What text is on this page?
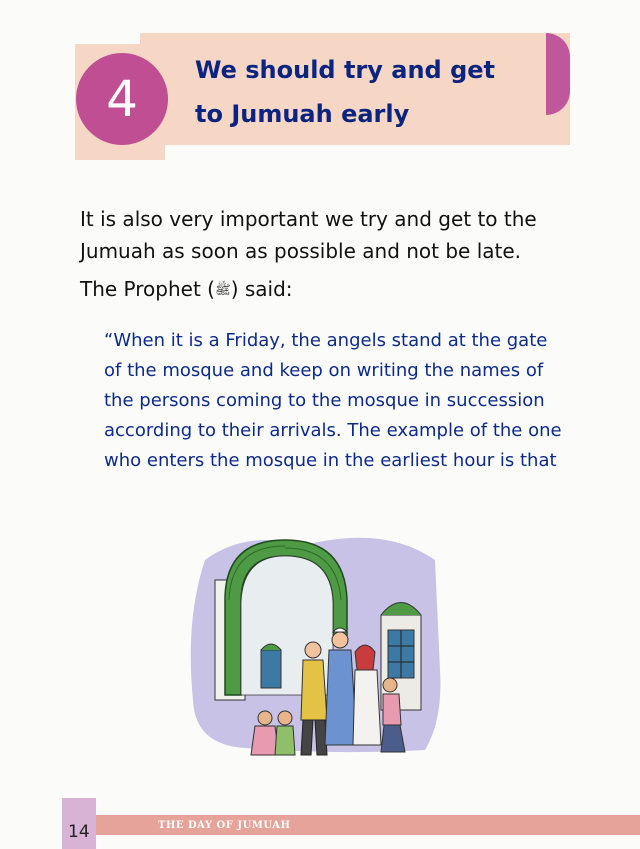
4	We should try and get
to Jumuah early
It is also very important we try and get to the
Jumuah as soon as possible and not be late.
The Prophet (ﷺ) said:
“When it is a Friday, the angels stand at the gate
of the mosque and keep on writing the names of
the persons coming to the mosque in succession
according to their arrivals. The example of the one
who enters the mosque in the earliest hour is that
14	THE DAY OF JUMUAH
